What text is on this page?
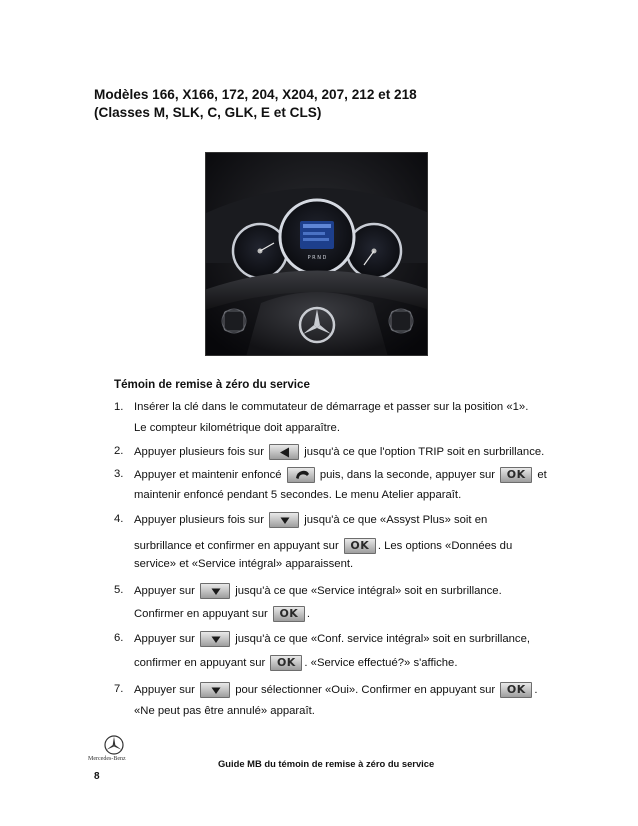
Modèles 166, X166, 172, 204, X204, 207, 212 et 218
(Classes M, SLK, C, GLK, E et CLS)
P R N D
Témoin de remise à zéro du service
1. Insérer la clé dans le commutateur de démarrage et passer sur la position «1».
Le compteur kilométrique doit apparaître.
2. Appuyer plusieurs fois sur	jusqu'à ce que l'option TRIP soit en surbrillance.
3. Appuyer et maintenir enfoncé	puis, dans la seconde, appuyer sur	OK	et
maintenir enfoncé pendant 5 secondes. Le menu Atelier apparaît.
4. Appuyer plusieurs fois sur	jusqu'à ce que «Assyst Plus» soit en
surbrillance et confirmer en appuyant sur	OK . Les options «Données du
service» et «Service intégral» apparaissent.
5. Appuyer sur	jusqu'à ce que «Service intégral» soit en surbrillance.
Confirmer en appuyant sur	OK .
6. Appuyer sur	jusqu'à ce que «Conf. service intégral» soit en surbrillance,
confirmer en appuyant sur	OK . «Service effectué?» s'affiche.
7. Appuyer sur	pour sélectionner «Oui». Confirmer en appuyant sur	OK .
«Ne peut pas être annulé» apparaît.
Mercedes-Benz	Guide MB du témoin de remise à zéro du service
8
